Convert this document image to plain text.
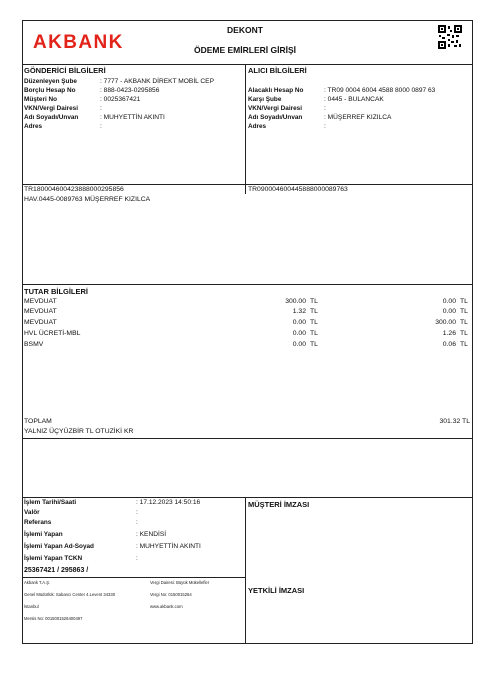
AKBANK
DEKONT
ÖDEME EMİRLERİ GİRİŞİ
GÖNDERİCİ BİLGİLERİ
Düzenleyen Şube	: 7777 - AKBANK DİREKT MOBİL CEP
Borçlu Hesap No	: 888-0423-0295856
Müşteri No	: 0025367421
VKN/Vergi Dairesi	:
Adı Soyadı/Unvan	: MUHYETTİN AKINTI
Adres	:
ALICI BİLGİLERİ
Alacaklı Hesap No	: TR09 0004 6004 4588 8000 0897 63
Karşı Şube	: 0445 - BULANCAK
VKN/Vergi Dairesi	:
Adı Soyadı/Unvan	: MÜŞERREF KIZILCA
Adres	:
TR180004600423888000295856	TR090004600445888000089763
HAV.0445-0089763 MÜŞERREF KIZILCA
TUTAR BİLGİLERİ
MEVDUAT	300.00 TL	0.00 TL
MEVDUAT	1.32 TL	0.00 TL
MEVDUAT	0.00 TL	300.00 TL
HVL ÜCRETİ-MBL	0.00 TL	1.26 TL
BSMV	0.00 TL	0.06 TL
TOPLAM	301.32 TL
YALNIZ ÜÇYÜZBİR TL OTUZİKİ KR
İşlem Tarihi/Saati	: 17.12.2023 14:50:16
Valör	:
Referans	:
İşlemi Yapan	: KENDİSİ
İşlemi Yapan Ad-Soyad	: MUHYETTİN AKINTI
İşlemi Yapan TCKN	:
25367421 / 295863 /
MÜŞTERİ İMZASI
YETKİLİ İMZASI
Akbank T.A.Ş.
Genel Müdürlük: Sabancı Center 4.Levent 34330
İstanbul
Mersis No: 0015001526400497
Vergi Dairesi: Büyük Mükellefler
Vergi No: 0150015264
www.akbank.com
